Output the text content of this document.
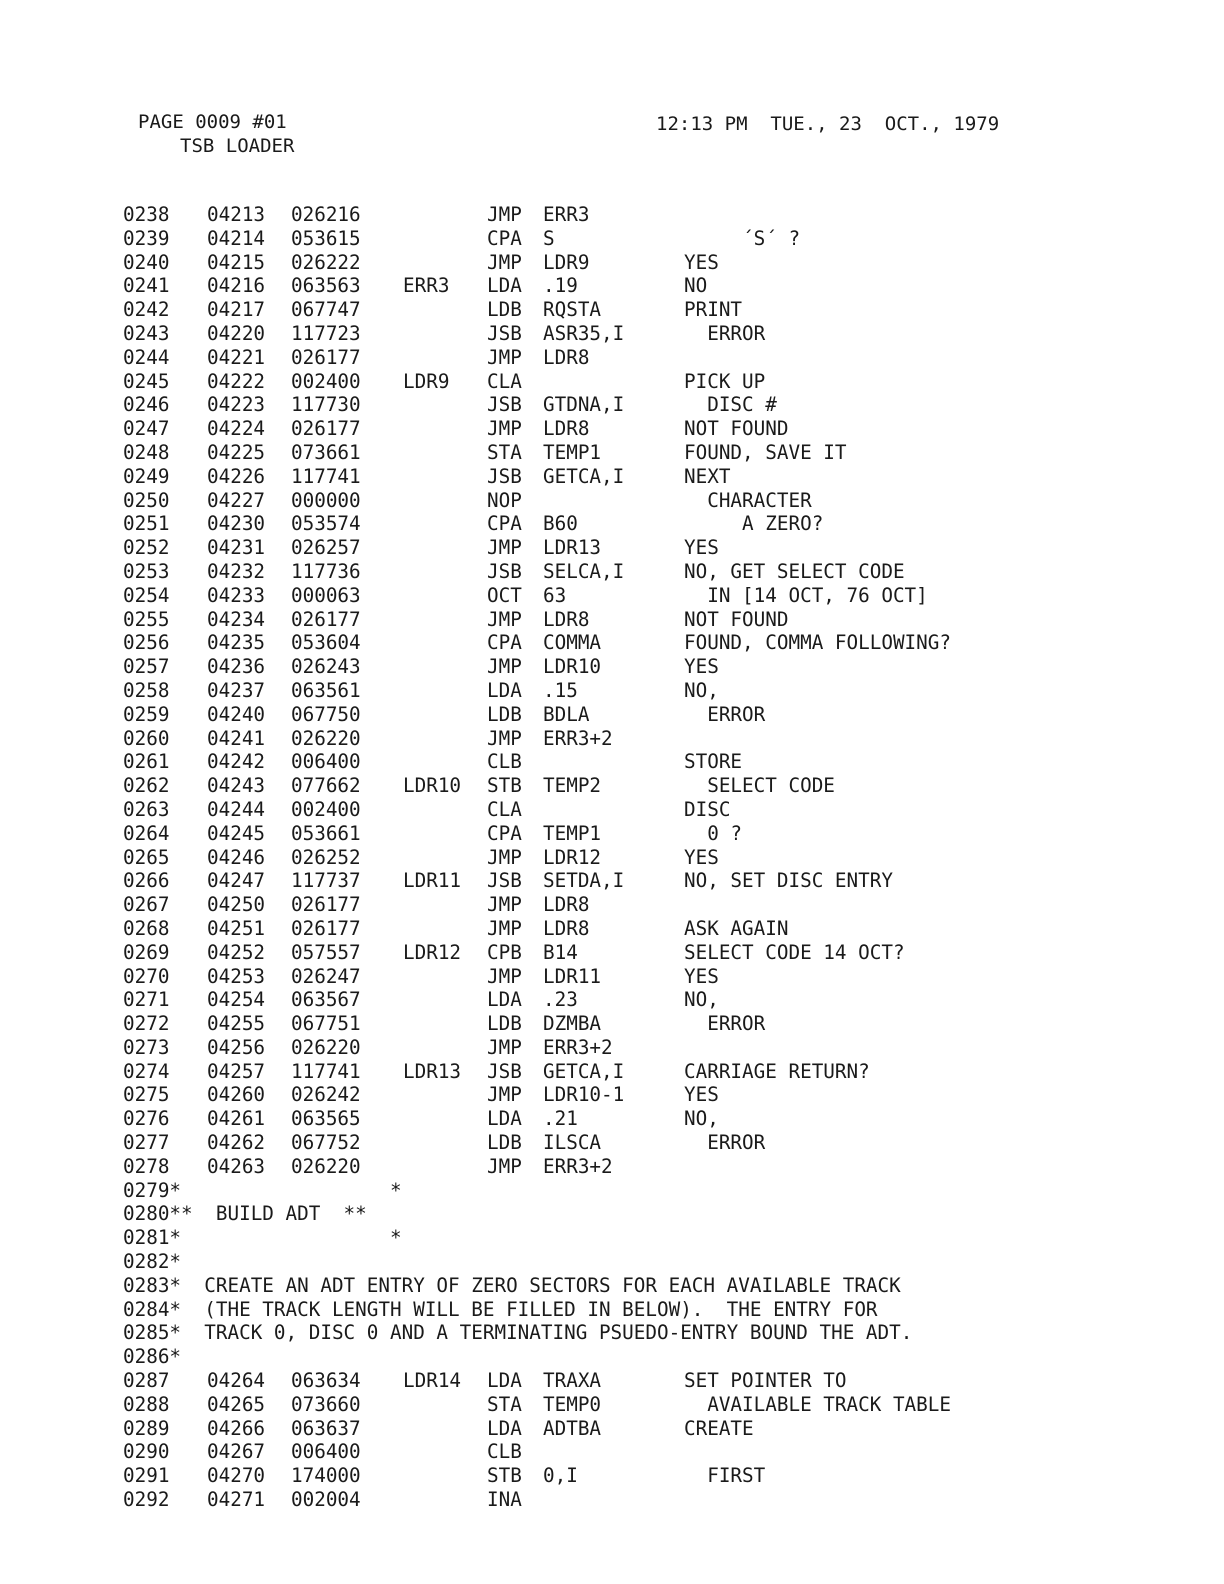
PAGE 0009 #01
TSB LOADER
12:13 PM  TUE., 23  OCT., 1979
0238 04213 026216	JMP ERR3
0239 04214 053615	CPA S	´S´ ?
0240 04215 026222	JMP LDR9	YES
0241 04216 063563 ERR3 LDA .19	NO
0242 04217 067747	LDB RQSTA	PRINT
0243 04220 117723	JSB ASR35,I	ERROR
0244 04221 026177	JMP LDR8
0245 04222 002400 LDR9 CLA	PICK UP
0246 04223 117730	JSB GTDNA,I	DISC #
0247 04224 026177	JMP LDR8	NOT FOUND
0248 04225 073661	STA TEMP1	FOUND, SAVE IT
0249 04226 117741	JSB GETCA,I	NEXT
0250 04227 000000	NOP	CHARACTER
0251 04230 053574	CPA B60	A ZERO?
0252 04231 026257	JMP LDR13	YES
0253 04232 117736	JSB SELCA,I	NO, GET SELECT CODE
0254 04233 000063	OCT 63	IN [14 OCT, 76 OCT]
0255 04234 026177	JMP LDR8	NOT FOUND
0256 04235 053604	CPA COMMA	FOUND, COMMA FOLLOWING?
0257 04236 026243	JMP LDR10	YES
0258 04237 063561	LDA .15	NO,
0259 04240 067750	LDB BDLA	ERROR
0260 04241 026220	JMP ERR3+2
0261 04242 006400	CLB	STORE
0262 04243 077662 LDR10 STB TEMP2	SELECT CODE
0263 04244 002400	CLA	DISC
0264 04245 053661	CPA TEMP1	0 ?
0265 04246 026252	JMP LDR12	YES
0266 04247 117737 LDR11 JSB SETDA,I	NO, SET DISC ENTRY
0267 04250 026177	JMP LDR8
0268 04251 026177	JMP LDR8	ASK AGAIN
0269 04252 057557 LDR12 CPB B14	SELECT CODE 14 OCT?
0270 04253 026247	JMP LDR11	YES
0271 04254 063567	LDA .23	NO,
0272 04255 067751	LDB DZMBA	ERROR
0273 04256 026220	JMP ERR3+2
0274 04257 117741 LDR13 JSB GETCA,I	CARRIAGE RETURN?
0275 04260 026242	JMP LDR10-1	YES
0276 04261 063565	LDA .21	NO,
0277 04262 067752	LDB ILSCA	ERROR
0278 04263 026220	JMP ERR3+2
0279*                  *
0280**  BUILD ADT  **
0281*                  *
0282*
0283*  CREATE AN ADT ENTRY OF ZERO SECTORS FOR EACH AVAILABLE TRACK
0284*  (THE TRACK LENGTH WILL BE FILLED IN BELOW).  THE ENTRY FOR
0285*  TRACK 0, DISC 0 AND A TERMINATING PSUEDO-ENTRY BOUND THE ADT.
0286*
0287 04264 063634 LDR14 LDA TRAXA	SET POINTER TO
0288 04265 073660	STA TEMP0	AVAILABLE TRACK TABLE
0289 04266 063637	LDA ADTBA	CREATE
0290 04267 006400	CLB
0291 04270 174000	STB 0,I	FIRST
0292 04271 002004	INA
